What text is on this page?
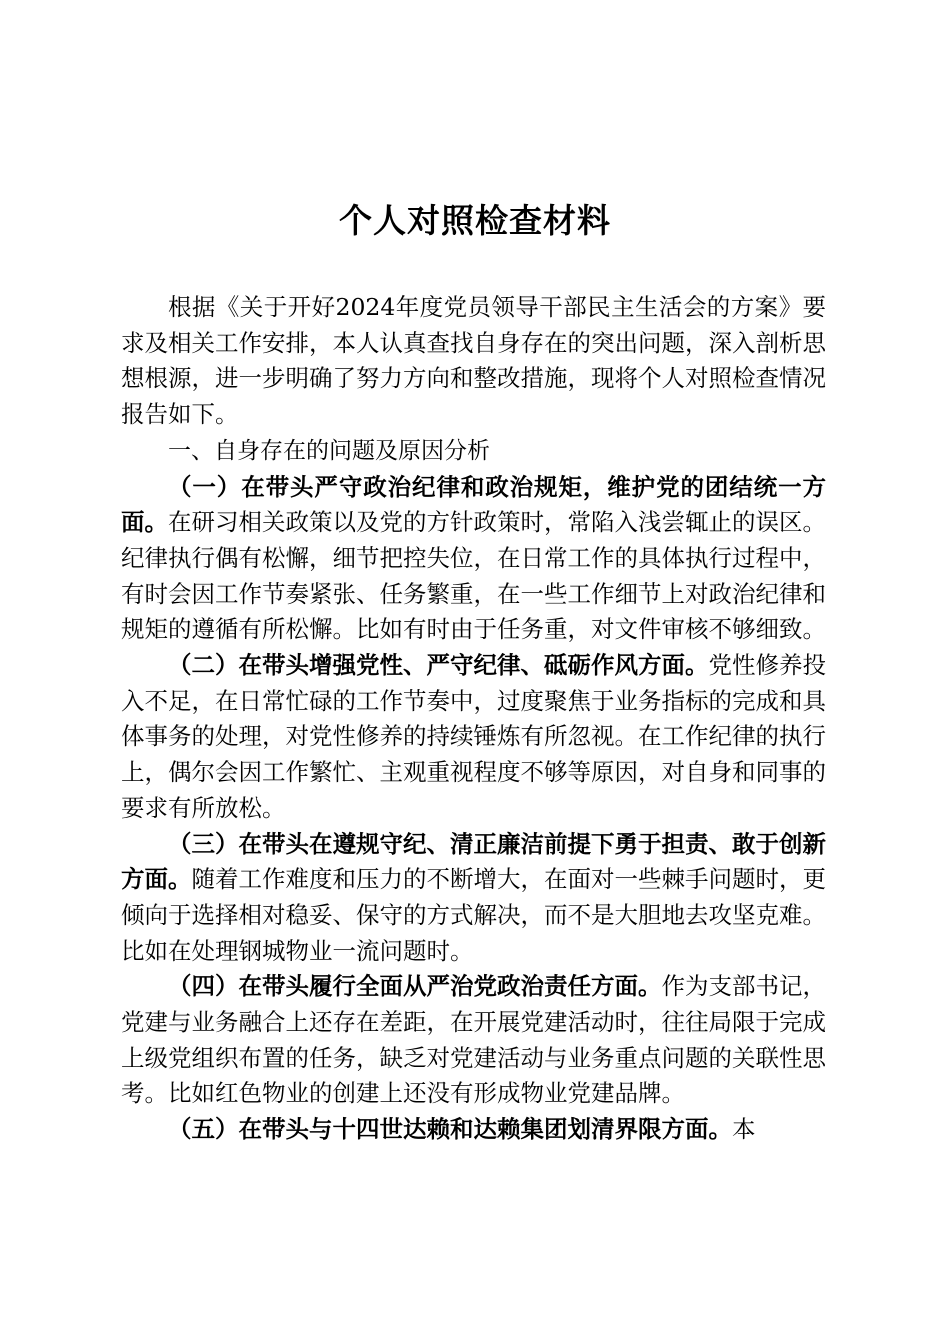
个人对照检查材料

根据《关于开好2024年度党员领导干部民主生活会的方案》要求及相关工作安排，本人认真查找自身存在的突出问题，深入剖析思想根源，进一步明确了努力方向和整改措施，现将个人对照检查情况报告如下。

一、自身存在的问题及原因分析

（一）在带头严守政治纪律和政治规矩，维护党的团结统一方面。在研习相关政策以及党的方针政策时，常陷入浅尝辄止的误区。纪律执行偶有松懈，细节把控失位，在日常工作的具体执行过程中，有时会因工作节奏紧张、任务繁重，在一些工作细节上对政治纪律和规矩的遵循有所松懈。比如有时由于任务重，对文件审核不够细致。

（二）在带头增强党性、严守纪律、砥砺作风方面。党性修养投入不足，在日常忙碌的工作节奏中，过度聚焦于业务指标的完成和具体事务的处理，对党性修养的持续锤炼有所忽视。在工作纪律的执行上，偶尔会因工作繁忙、主观重视程度不够等原因，对自身和同事的要求有所放松。

（三）在带头在遵规守纪、清正廉洁前提下勇于担责、敢于创新方面。随着工作难度和压力的不断增大，在面对一些棘手问题时，更倾向于选择相对稳妥、保守的方式解决，而不是大胆地去攻坚克难。比如在处理钢城物业一流问题时。

（四）在带头履行全面从严治党政治责任方面。作为支部书记，党建与业务融合上还存在差距，在开展党建活动时，往往局限于完成上级党组织布置的任务，缺乏对党建活动与业务重点问题的关联性思考。比如红色物业的创建上还没有形成物业党建品牌。

（五）在带头与十四世达赖和达赖集团划清界限方面。本
